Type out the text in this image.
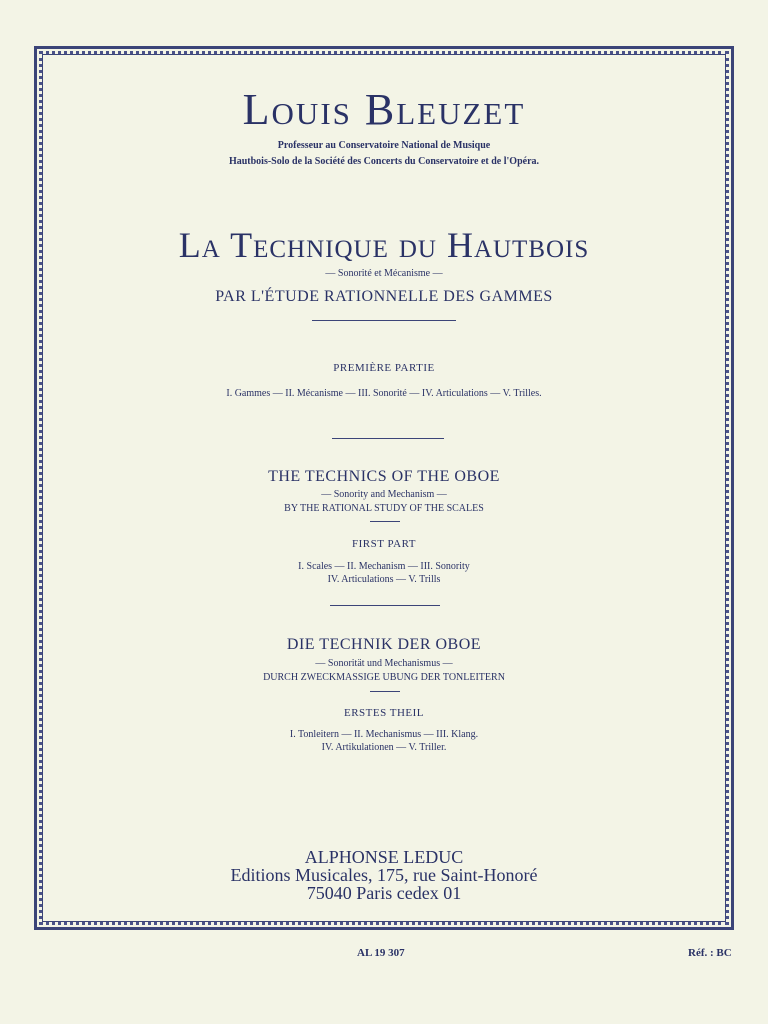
Louis Bleuzet
Professeur au Conservatoire National de Musique
Hautbois-Solo de la Société des Concerts du Conservatoire et de l'Opéra.
La Technique du Hautbois
— Sonorité et Mécanisme —
PAR L'ÉTUDE RATIONNELLE DES GAMMES
PREMIÈRE PARTIE
I. Gammes — II. Mécanisme — III. Sonorité — IV. Articulations — V. Trilles.
THE TECHNICS OF THE OBOE
— Sonority and Mechanism —
BY THE RATIONAL STUDY OF THE SCALES
FIRST PART
I. Scales — II. Mechanism — III. Sonority
IV. Articulations — V. Trills
DIE TECHNIK DER OBOE
— Sonorität und Mechanismus —
DURCH ZWECKMASSIGE UBUNG DER TONLEITERN
ERSTES THEIL
I. Tonleitern — II. Mechanismus — III. Klang.
IV. Artikulationen — V. Triller.
ALPHONSE LEDUC
Editions Musicales, 175, rue Saint-Honoré
75040 Paris cedex 01
AL 19 307	Réf. : BC
